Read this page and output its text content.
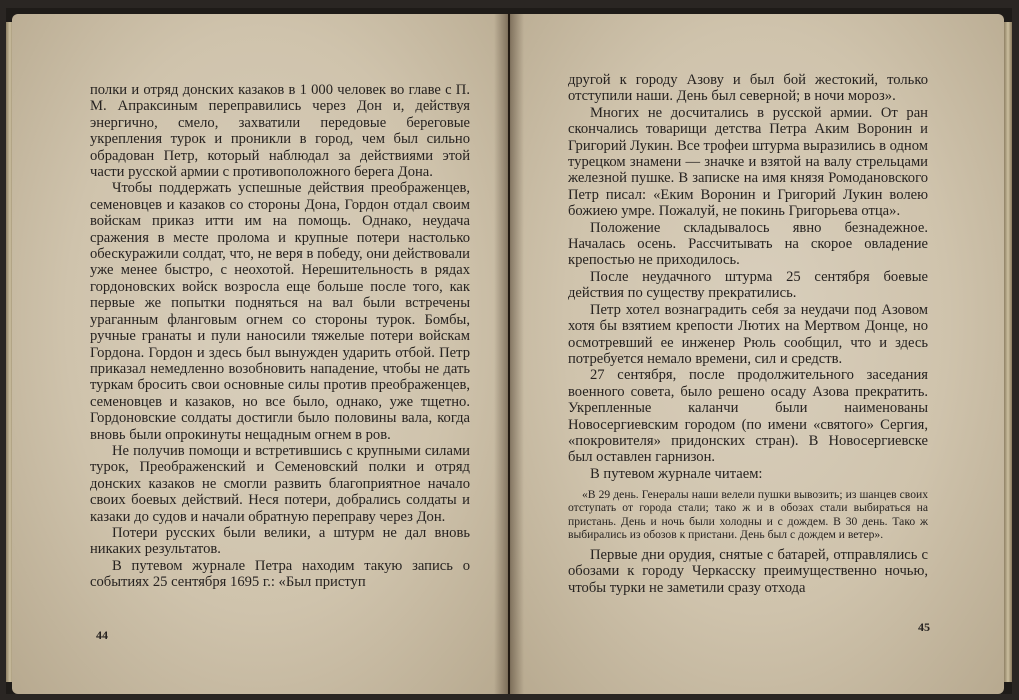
полки и отряд донских казаков в 1 000 человек во главе с П. М. Апраксиным переправились через Дон и, действуя энергично, смело, захватили передовые береговые укрепления турок и проникли в город, чем был сильно обрадован Петр, который наблюдал за действиями этой части русской армии с противоположного берега Дона.

Чтобы поддержать успешные действия преображенцев, семеновцев и казаков со стороны Дона, Гордон отдал своим войскам приказ итти им на помощь. Однако, неудача сражения в месте пролома и крупные потери настолько обескуражили солдат, что, не веря в победу, они действовали уже менее быстро, с неохотой. Нерешительность в рядах гордоновских войск возросла еще больше после того, как первые же попытки подняться на вал были встречены ураганным фланговым огнем со стороны турок. Бомбы, ручные гранаты и пули наносили тяжелые потери войскам Гордона. Гордон и здесь был вынужден ударить отбой. Петр приказал немедленно возобновить нападение, чтобы не дать туркам бросить свои основные силы против преображенцев, семеновцев и казаков, но все было, однако, уже тщетно. Гордоновские солдаты достигли было половины вала, когда вновь были опрокинуты нещадным огнем в ров.

Не получив помощи и встретившись с крупными силами турок, Преображенский и Семеновский полки и отряд донских казаков не смогли развить благоприятное начало своих боевых действий. Неся потери, добрались солдаты и казаки до судов и начали обратную переправу через Дон.

Потери русских были велики, а штурм не дал вновь никаких результатов.

В путевом журнале Петра находим такую запись о событиях 25 сентября 1695 г.: «Был приступ

44

другой к городу Азову и был бой жестокий, только отступили наши. День был северной; в ночи мороз».

Многих не досчитались в русской армии. От ран скончались товарищи детства Петра Аким Воронин и Григорий Лукин. Все трофеи штурма выразились в одном турецком знамени — значке и взятой на валу стрельцами железной пушке. В записке на имя князя Ромодановского Петр писал: «Еким Воронин и Григорий Лукин волею божиею умре. Пожалуй, не покинь Григорьева отца».

Положение складывалось явно безнадежное. Началась осень. Рассчитывать на скорое овладение крепостью не приходилось.

После неудачного штурма 25 сентября боевые действия по существу прекратились.

Петр хотел вознаградить себя за неудачи под Азовом хотя бы взятием крепости Лютих на Мертвом Донце, но осмотревший ее инженер Рюль сообщил, что и здесь потребуется немало времени, сил и средств.

27 сентября, после продолжительного заседания военного совета, было решено осаду Азова прекратить. Укрепленные каланчи были наименованы Новосергиевским городом (по имени «святого» Сергия, «покровителя» придонских стран). В Новосергиевске был оставлен гарнизон.

В путевом журнале читаем:

«В 29 день. Генералы наши велели пушки вывозить; из шанцев своих отступать от города стали; тако ж и в обозах стали выбираться на пристань. День и ночь были холодны и с дождем. В 30 день. Тако ж выбирались из обозов к пристани. День был с дождем и ветер».

Первые дни орудия, снятые с батарей, отправлялись с обозами к городу Черкасску преимущественно ночью, чтобы турки не заметили сразу отхода

45
